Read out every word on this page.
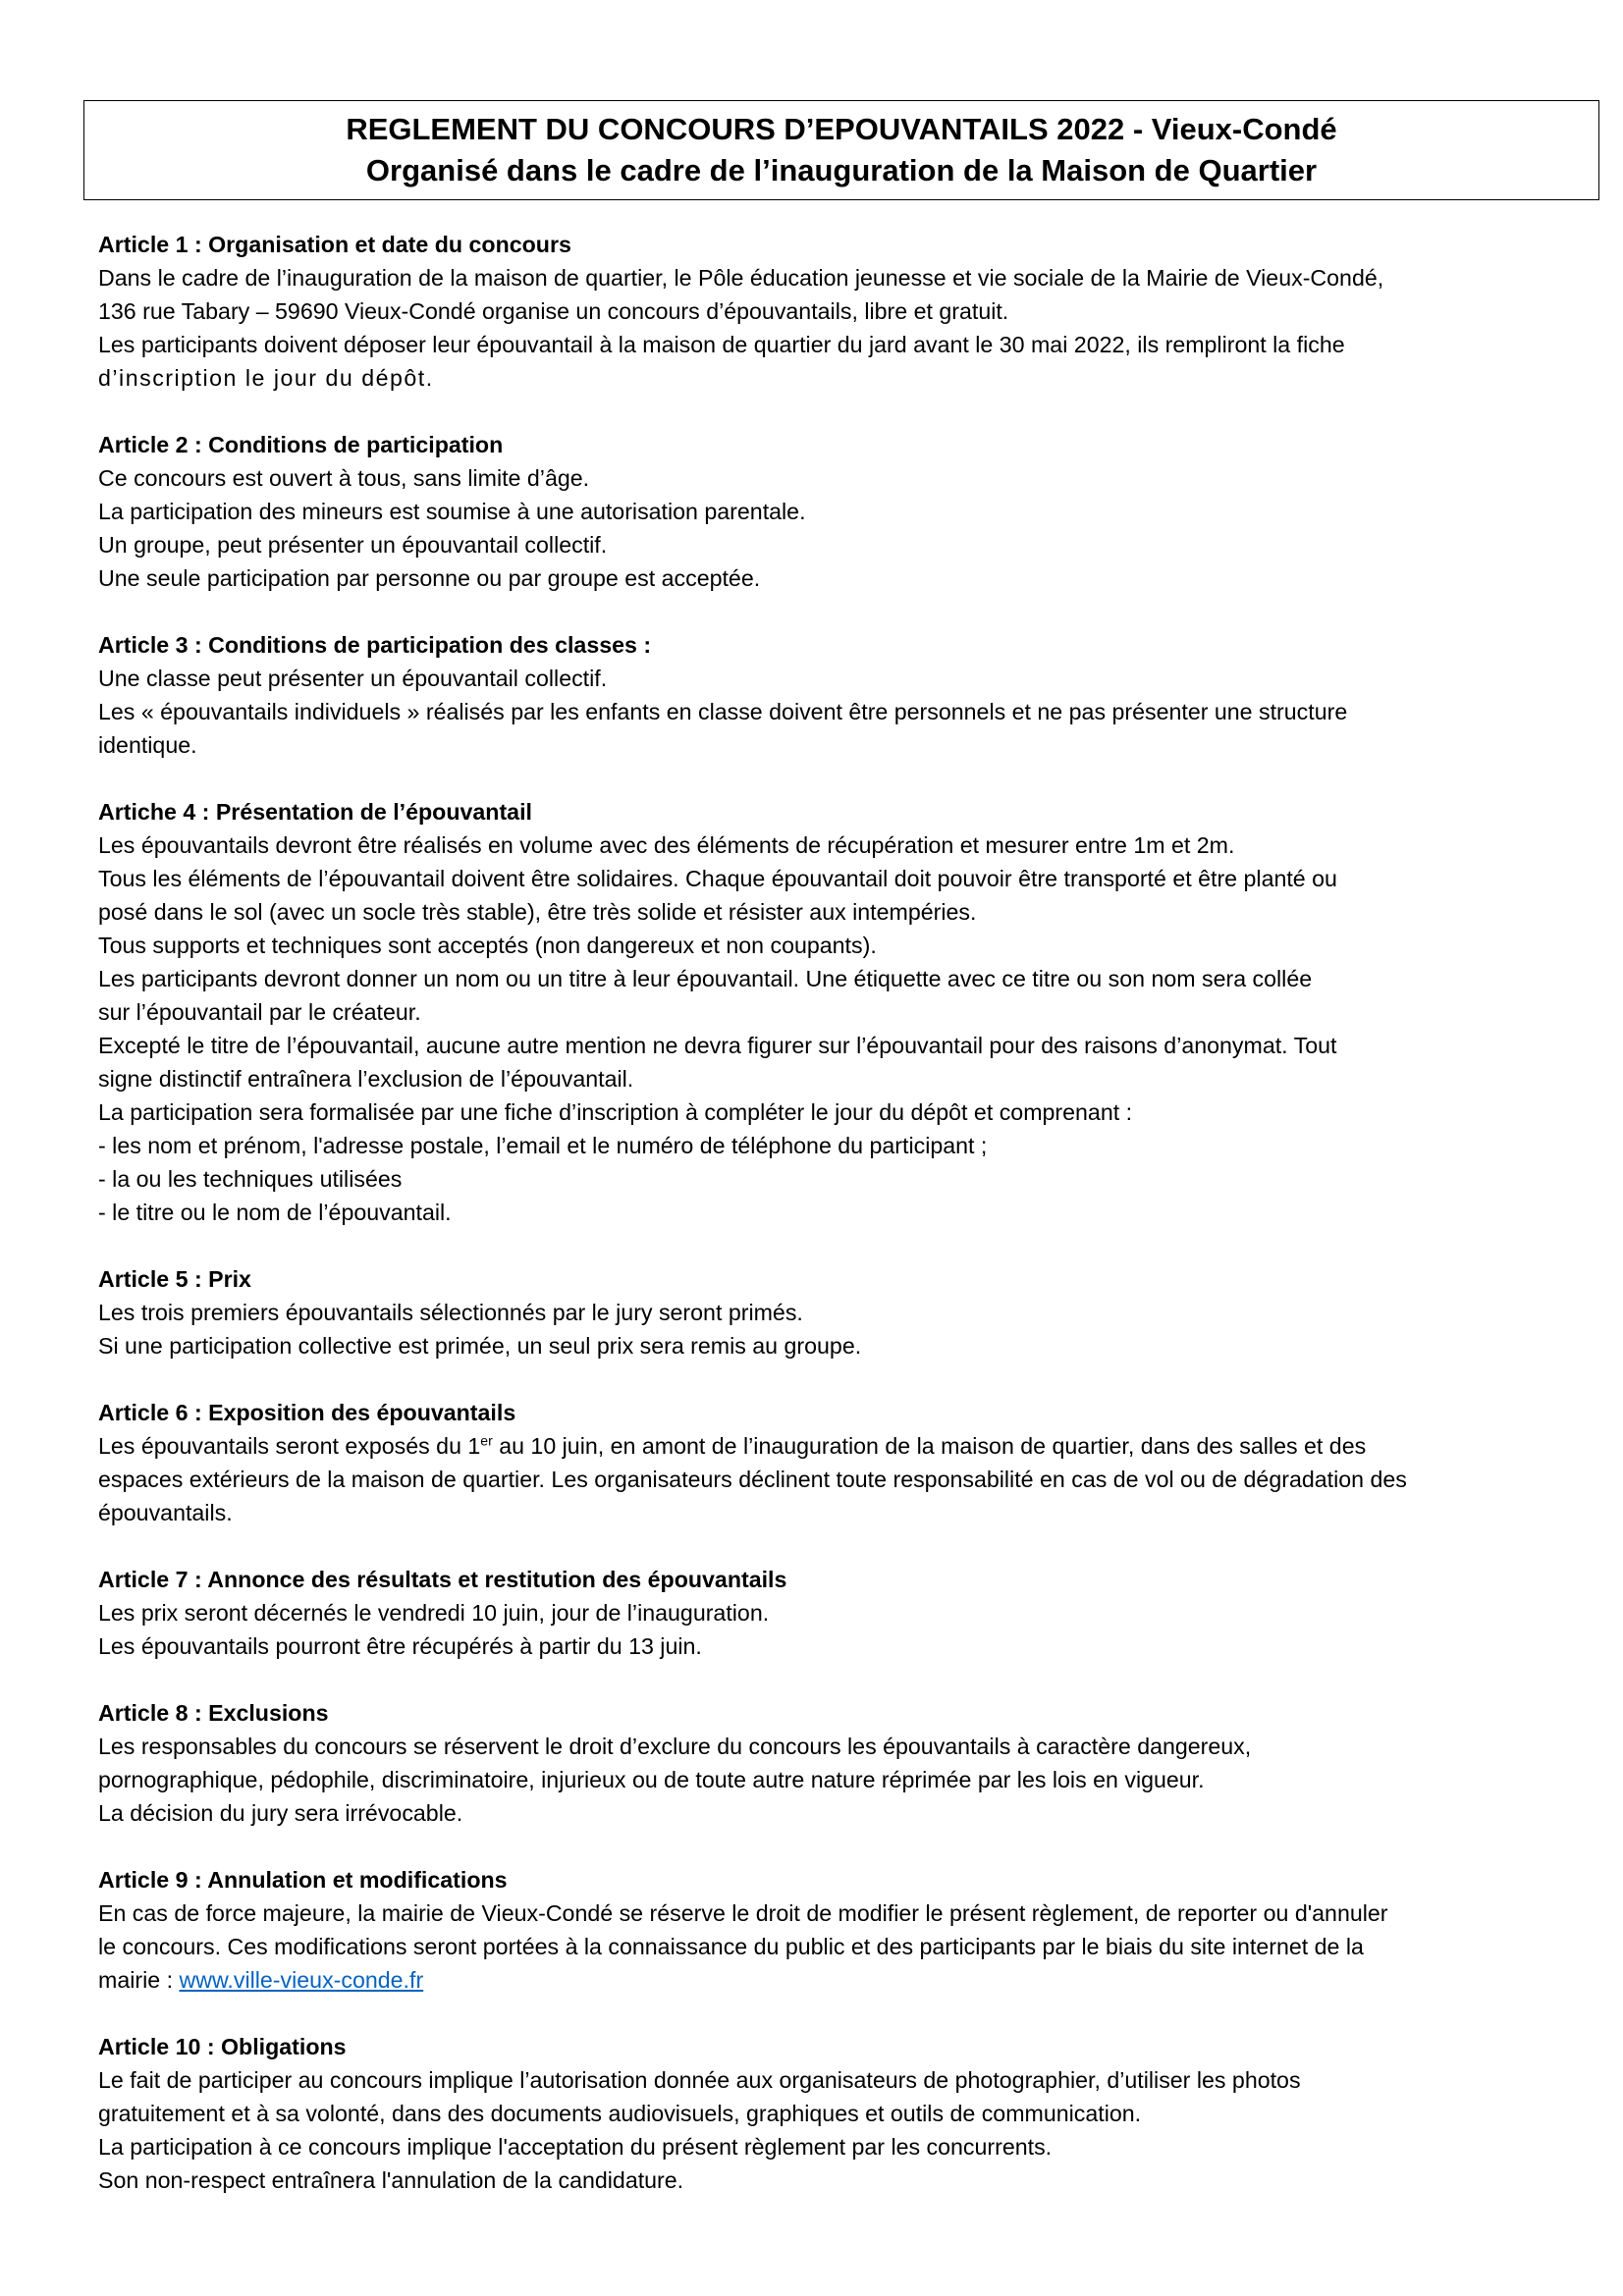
REGLEMENT DU CONCOURS D’EPOUVANTAILS 2022 - Vieux-Condé
Organisé dans le cadre de l’inauguration de la Maison de Quartier
Article 1 : Organisation et date du concours
Dans le cadre de l’inauguration de la maison de quartier, le Pôle éducation jeunesse et vie sociale de la Mairie de Vieux-Condé,
136 rue Tabary – 59690 Vieux-Condé organise un concours d’épouvantails, libre et gratuit.
Les participants doivent déposer leur épouvantail à la maison de quartier du jard avant le 30 mai 2022, ils rempliront la fiche
d’inscription le jour du dépôt.
Article 2 : Conditions de participation
Ce concours est ouvert à tous, sans limite d’âge.
La participation des mineurs est soumise à une autorisation parentale.
Un groupe, peut présenter un épouvantail collectif.
Une seule participation par personne ou par groupe est acceptée.
Article 3 : Conditions de participation des classes :
Une classe peut présenter un épouvantail collectif.
Les « épouvantails individuels » réalisés par les enfants en classe doivent être personnels et ne pas présenter une structure
identique.
Artiche 4 : Présentation de l’épouvantail
Les épouvantails devront être réalisés en volume avec des éléments de récupération et mesurer entre 1m et 2m.
Tous les éléments de l’épouvantail doivent être solidaires. Chaque épouvantail doit pouvoir être transporté et être planté ou
posé dans le sol (avec un socle très stable), être très solide et résister aux intempéries.
Tous supports et techniques sont acceptés (non dangereux et non coupants).
Les participants devront donner un nom ou un titre à leur épouvantail. Une étiquette avec ce titre ou son nom sera collée
sur l’épouvantail par le créateur.
Excepté le titre de l’épouvantail, aucune autre mention ne devra figurer sur l’épouvantail pour des raisons d’anonymat. Tout
signe distinctif entraînera l’exclusion de l’épouvantail.
La participation sera formalisée par une fiche d’inscription à compléter le jour du dépôt et comprenant :
- les nom et prénom, l'adresse postale, l’email et le numéro de téléphone du participant ;
- la ou les techniques utilisées
- le titre ou le nom de l’épouvantail.
Article 5 : Prix
Les trois premiers épouvantails sélectionnés par le jury seront primés.
Si une participation collective est primée, un seul prix sera remis au groupe.
Article 6 : Exposition des épouvantails
Les épouvantails seront exposés du 1er au 10 juin, en amont de l’inauguration de la maison de quartier, dans des salles et des
espaces extérieurs de la maison de quartier. Les organisateurs déclinent toute responsabilité en cas de vol ou de dégradation des
épouvantails.
Article 7 : Annonce des résultats et restitution des épouvantails
Les prix seront décernés le vendredi 10 juin, jour de l’inauguration.
Les épouvantails pourront être récupérés à partir du 13 juin.
Article 8 : Exclusions
Les responsables du concours se réservent le droit d’exclure du concours les épouvantails à caractère dangereux,
pornographique, pédophile, discriminatoire, injurieux ou de toute autre nature réprimée par les lois en vigueur.
La décision du jury sera irrévocable.
Article 9 : Annulation et modifications
En cas de force majeure, la mairie de Vieux-Condé se réserve le droit de modifier le présent règlement, de reporter ou d'annuler
le concours. Ces modifications seront portées à la connaissance du public et des participants par le biais du site internet de la
mairie : www.ville-vieux-conde.fr
Article 10 : Obligations
Le fait de participer au concours implique l’autorisation donnée aux organisateurs de photographier, d’utiliser les photos
gratuitement et à sa volonté, dans des documents audiovisuels, graphiques et outils de communication.
La participation à ce concours implique l'acceptation du présent règlement par les concurrents.
Son non-respect entraînera l'annulation de la candidature.
